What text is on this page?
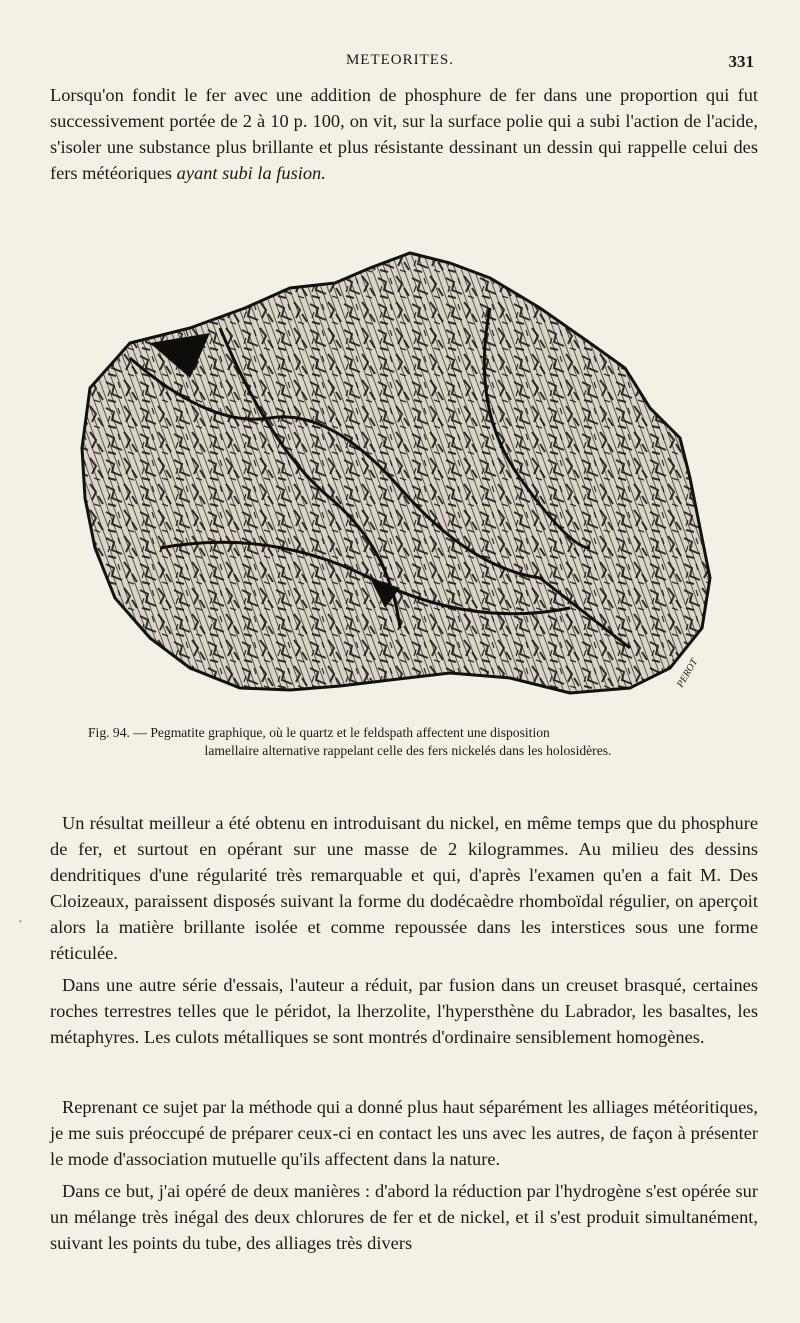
METEORITES.	331

Lorsqu'on fondit le fer avec une addition de phosphure de fer dans une proportion qui fut successivement portée de 2 à 10 p. 100, on vit, sur la surface polie qui a subi l'action de l'acide, s'isoler une substance plus brillante et plus résistante dessinant un dessin qui rappelle celui des fers météoriques ayant subi la fusion.

PEROT
Fig. 94. — Pegmatite graphique, où le quartz et le feldspath affectent une disposition
lamellaire alternative rappelant celle des fers nickelés dans les holosidères.

Un résultat meilleur a été obtenu en introduisant du nickel, en même temps que du phosphure de fer, et surtout en opérant sur une masse de 2 kilogrammes. Au milieu des dessins dendritiques d'une régularité très remarquable et qui, d'après l'examen qu'en a fait M. Des Cloizeaux, paraissent disposés suivant la forme du dodécaèdre rhomboïdal régulier, on aperçoit alors la matière brillante isolée et comme repoussée dans les interstices sous une forme réticulée.

Dans une autre série d'essais, l'auteur a réduit, par fusion dans un creuset brasqué, certaines roches terrestres telles que le péridot, la lherzolite, l'hypersthène du Labrador, les basaltes, les métaphyres. Les culots métalliques se sont montrés d'ordinaire sensiblement homogènes.

·

Reprenant ce sujet par la méthode qui a donné plus haut séparément les alliages météoritiques, je me suis préoccupé de préparer ceux-ci en contact les uns avec les autres, de façon à présenter le mode d'association mutuelle qu'ils affectent dans la nature.

Dans ce but, j'ai opéré de deux manières : d'abord la réduction par l'hydrogène s'est opérée sur un mélange très inégal des deux chlorures de fer et de nickel, et il s'est produit simultanément, suivant les points du tube, des alliages très divers
